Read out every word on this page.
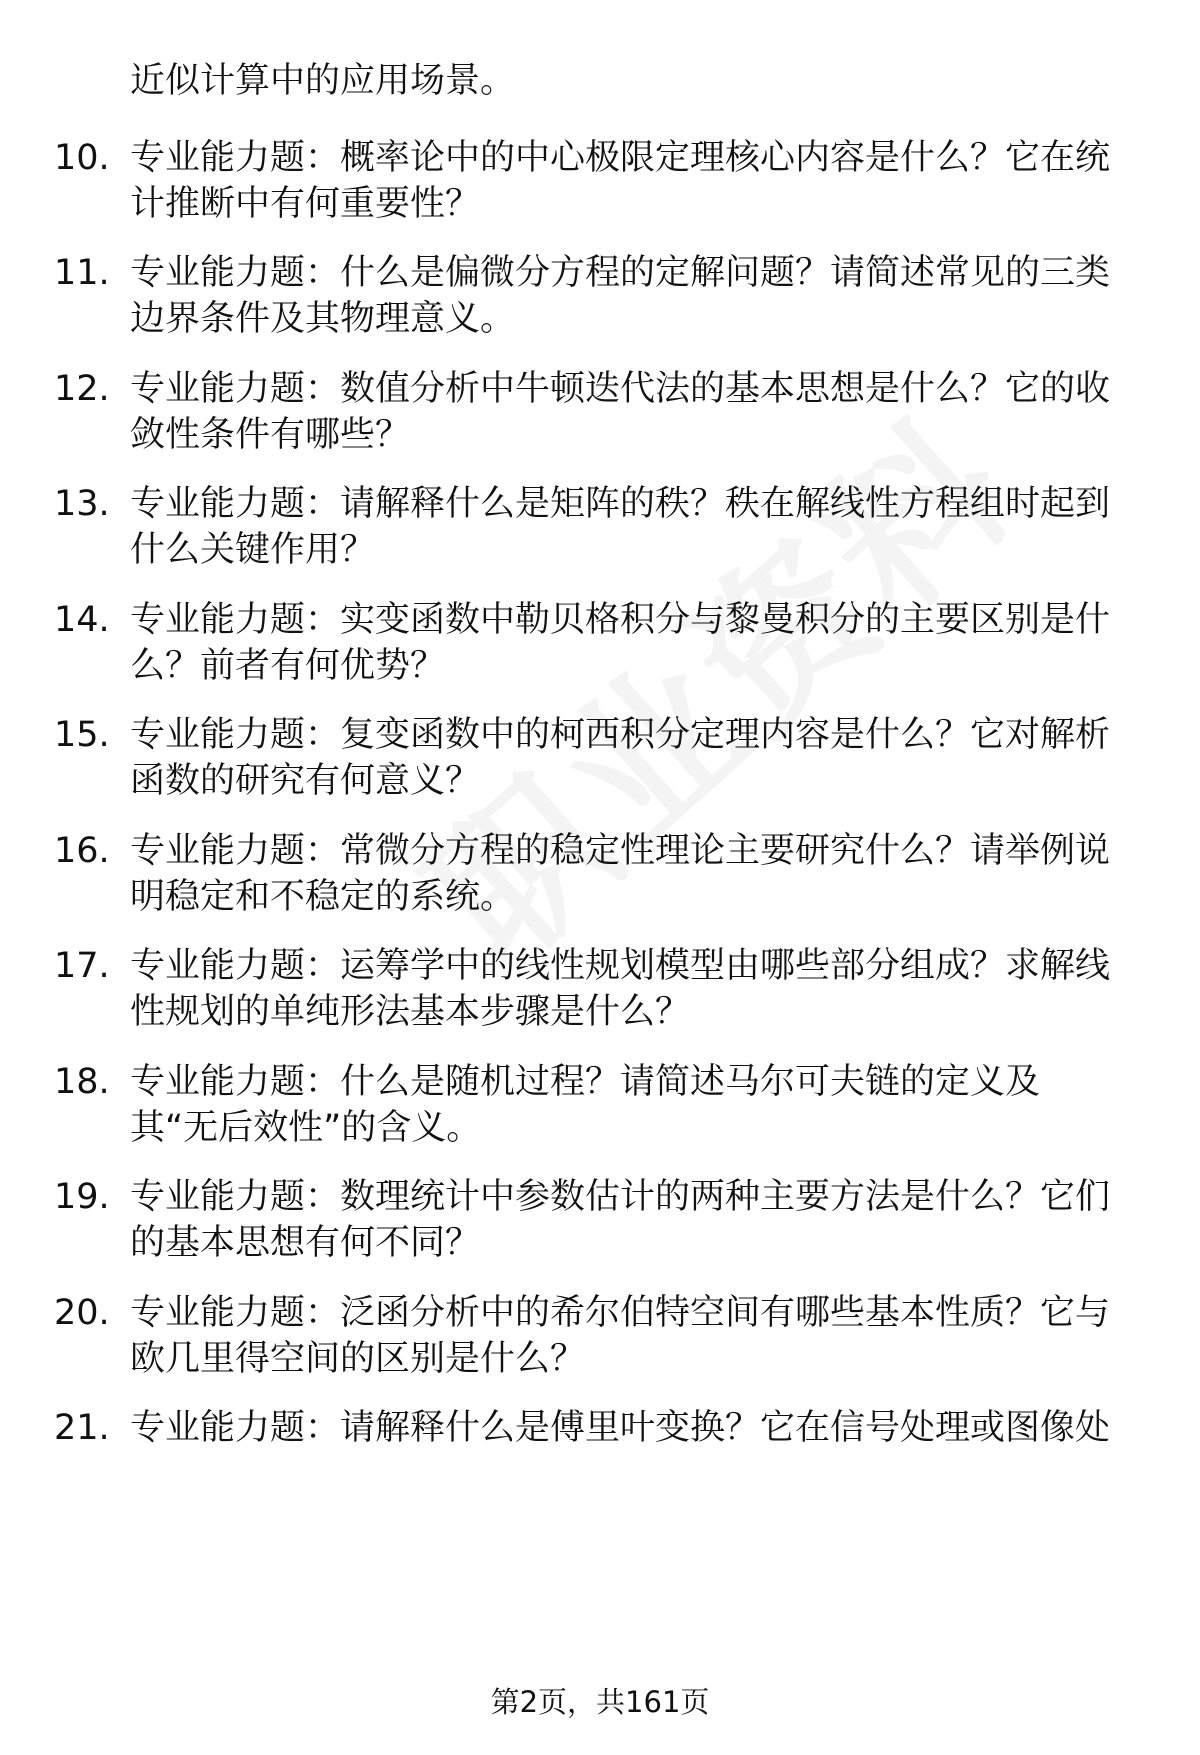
近似计算中的应用场景。
10. 专业能力题：概率论中的中心极限定理核心内容是什么？它在统
计推断中有何重要性？
11. 专业能力题：什么是偏微分方程的定解问题？请简述常见的三类
边界条件及其物理意义。
12. 专业能力题：数值分析中牛顿迭代法的基本思想是什么？它的收
敛性条件有哪些？
13. 专业能力题：请解释什么是矩阵的秩？秩在解线性方程组时起到
什么关键作用？
14. 专业能力题：实变函数中勒贝格积分与黎曼积分的主要区别是什
么？前者有何优势？
15. 专业能力题：复变函数中的柯西积分定理内容是什么？它对解析
函数的研究有何意义？
16. 专业能力题：常微分方程的稳定性理论主要研究什么？请举例说
明稳定和不稳定的系统。
17. 专业能力题：运筹学中的线性规划模型由哪些部分组成？求解线
性规划的单纯形法基本步骤是什么？
18. 专业能力题：什么是随机过程？请简述马尔可夫链的定义及
其“无后效性”的含义。
19. 专业能力题：数理统计中参数估计的两种主要方法是什么？它们
的基本思想有何不同？
20. 专业能力题：泛函分析中的希尔伯特空间有哪些基本性质？它与
欧几里得空间的区别是什么？
21. 专业能力题：请解释什么是傅里叶变换？它在信号处理或图像处
第2页，共161页
